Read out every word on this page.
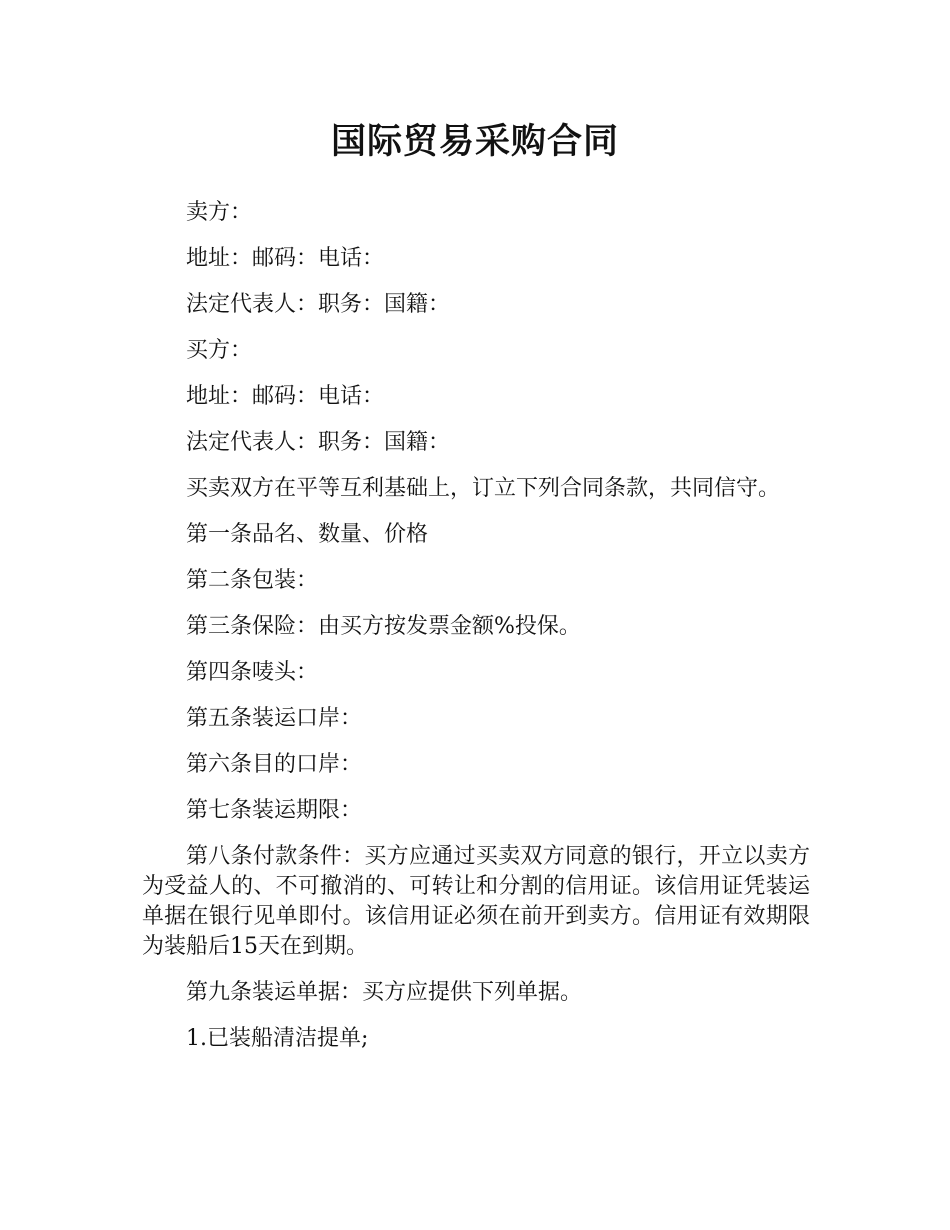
国际贸易采购合同

卖方：

地址：邮码：电话：

法定代表人：职务：国籍：

买方：

地址：邮码：电话：

法定代表人：职务：国籍：

买卖双方在平等互利基础上，订立下列合同条款，共同信守。

第一条品名、数量、价格

第二条包装：

第三条保险：由买方按发票金额%投保。

第四条唛头：

第五条装运口岸：

第六条目的口岸：

第七条装运期限：

第八条付款条件：买方应通过买卖双方同意的银行，开立以卖方为受益人的、不可撤消的、可转让和分割的信用证。该信用证凭装运单据在银行见单即付。该信用证必须在前开到卖方。信用证有效期限为装船后15天在到期。

第九条装运单据：买方应提供下列单据。

1.已装船清洁提单;
